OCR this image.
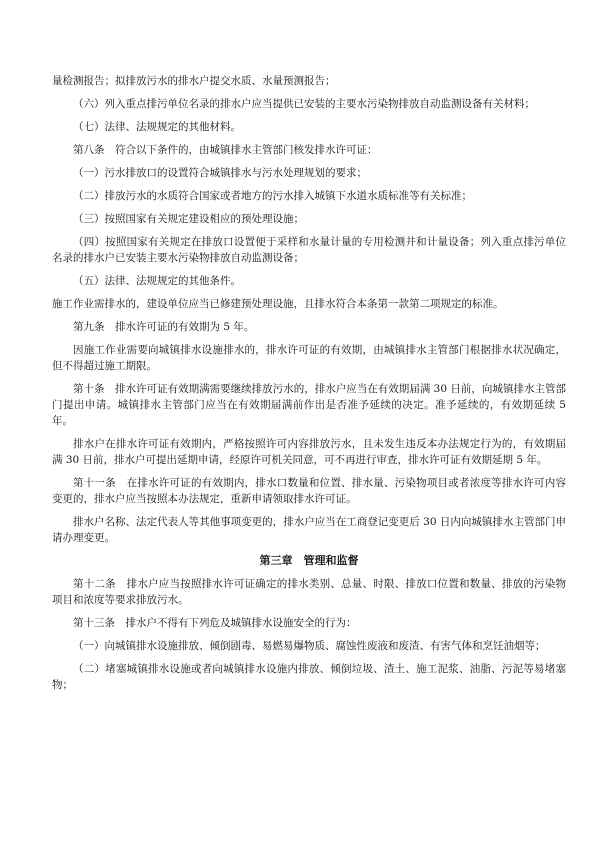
量检测报告；拟排放污水的排水户提交水质、水量预测报告；

（六）列入重点排污单位名录的排水户应当提供已安装的主要水污染物排放自动监测设备有关材料；

（七）法律、法规规定的其他材料。

第八条　符合以下条件的，由城镇排水主管部门核发排水许可证：

（一）污水排放口的设置符合城镇排水与污水处理规划的要求；

（二）排放污水的水质符合国家或者地方的污水排入城镇下水道水质标准等有关标准；

（三）按照国家有关规定建设相应的预处理设施；

（四）按照国家有关规定在排放口设置便于采样和水量计量的专用检测井和计量设备；列入重点排污单位名录的排水户已安装主要水污染物排放自动监测设备；

（五）法律、法规规定的其他条件。

施工作业需排水的，建设单位应当已修建预处理设施，且排水符合本条第一款第二项规定的标准。

第九条　排水许可证的有效期为 5 年。

因施工作业需要向城镇排水设施排水的，排水许可证的有效期，由城镇排水主管部门根据排水状况确定，但不得超过施工期限。

第十条　排水许可证有效期满需要继续排放污水的，排水户应当在有效期届满 30 日前，向城镇排水主管部门提出申请。城镇排水主管部门应当在有效期届满前作出是否准予延续的决定。准予延续的，有效期延续 5 年。

排水户在排水许可证有效期内，严格按照许可内容排放污水，且未发生违反本办法规定行为的，有效期届满 30 日前，排水户可提出延期申请，经原许可机关同意，可不再进行审查，排水许可证有效期延期 5 年。

第十一条　在排水许可证的有效期内，排水口数量和位置、排水量、污染物项目或者浓度等排水许可内容变更的，排水户应当按照本办法规定，重新申请领取排水许可证。

排水户名称、法定代表人等其他事项变更的，排水户应当在工商登记变更后 30 日内向城镇排水主管部门申请办理变更。

第三章　管理和监督

第十二条　排水户应当按照排水许可证确定的排水类别、总量、时限、排放口位置和数量、排放的污染物项目和浓度等要求排放污水。

第十三条　排水户不得有下列危及城镇排水设施安全的行为：

（一）向城镇排水设施排放、倾倒剧毒、易燃易爆物质、腐蚀性废液和废渣、有害气体和烹饪油烟等；

（二）堵塞城镇排水设施或者向城镇排水设施内排放、倾倒垃圾、渣土、施工泥浆、油脂、污泥等易堵塞物；
